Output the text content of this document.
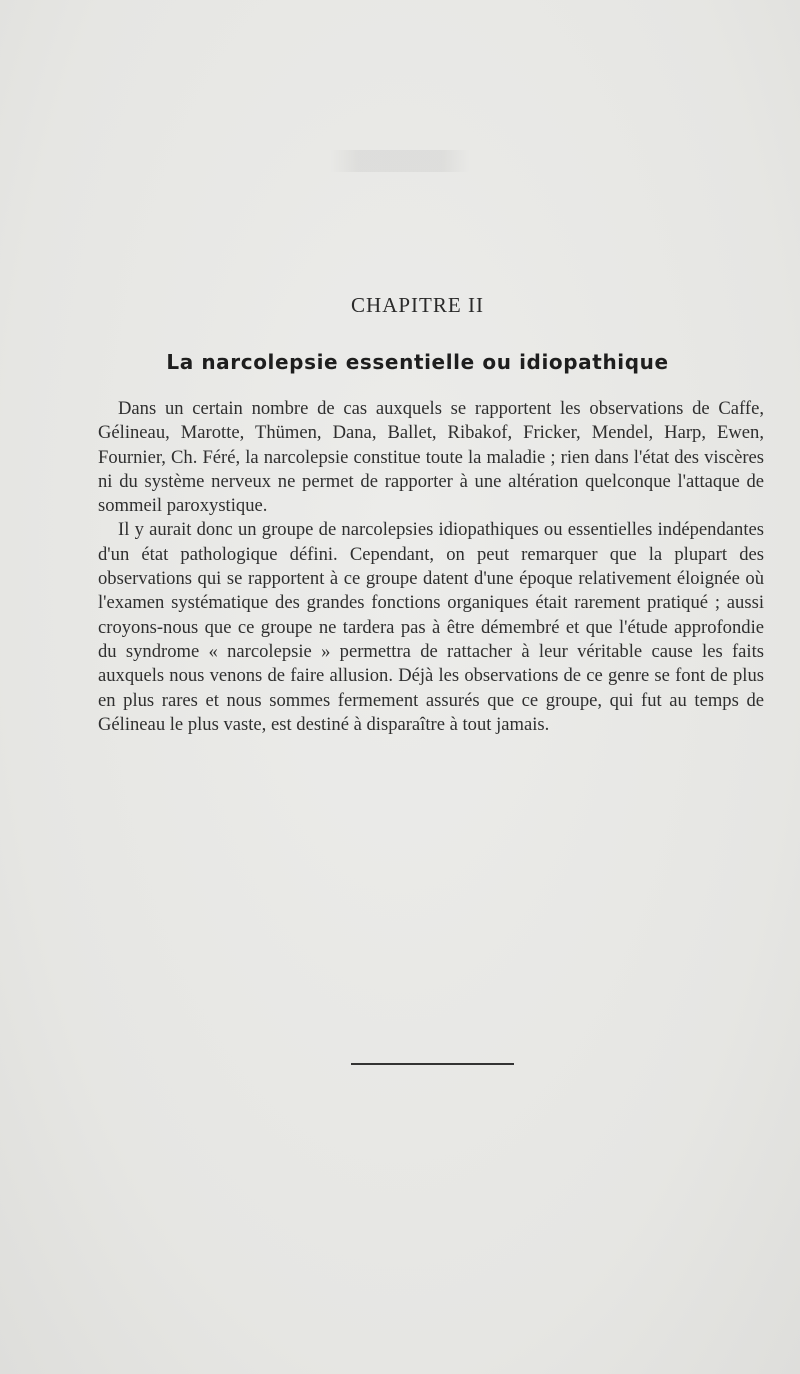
CHAPITRE II
La narcolepsie essentielle ou idiopathique

Dans un certain nombre de cas auxquels se rapportent les observations de Caffe, Gélineau, Marotte, Thümen, Dana, Ballet, Ribakof, Fricker, Mendel, Harp, Ewen, Fournier, Ch. Féré, la narcolepsie constitue toute la maladie ; rien dans l'état des viscères ni du système nerveux ne permet de rapporter à une altération quelconque l'attaque de sommeil paroxystique.

Il y aurait donc un groupe de narcolepsies idiopathiques ou essentielles indépendantes d'un état pathologique défini. Cependant, on peut remarquer que la plupart des observations qui se rapportent à ce groupe datent d'une époque relativement éloignée où l'examen systématique des grandes fonctions organiques était rarement pratiqué ; aussi croyons-nous que ce groupe ne tardera pas à être démembré et que l'étude approfondie du syndrome « narcolepsie » permettra de rattacher à leur véritable cause les faits auxquels nous venons de faire allusion. Déjà les observations de ce genre se font de plus en plus rares et nous sommes fermement assurés que ce groupe, qui fut au temps de Gélineau le plus vaste, est destiné à disparaître à tout jamais.
